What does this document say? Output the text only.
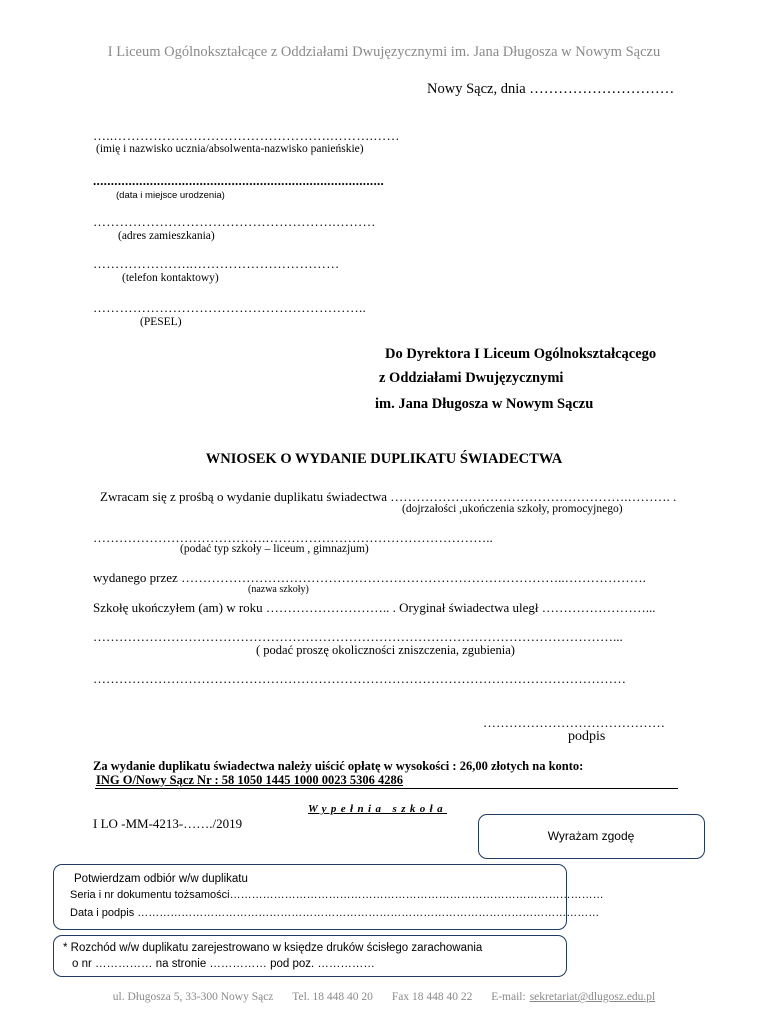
I Liceum Ogólnokształcące z Oddziałami Dwujęzycznymi im. Jana Długosza w Nowym Sączu
Nowy Sącz, dnia …………………………
…..………………………………………….……….……
(imię i nazwisko ucznia/absolwenta-nazwisko panieńskie)
..................................................................................
(data i miejsce urodzenia)
……………………………………………….………
(adres zamieszkania)
…………………..……………………………
(telefon kontaktowy)
……………………………………………………..
(PESEL)
Do Dyrektora I Liceum Ogólnokształcącego
z Oddziałami Dwujęzycznymi
im. Jana Długosza w Nowym Sączu
WNIOSEK O WYDANIE DUPLIKATU ŚWIADECTWA
Zwracam się z prośbą o wydanie duplikatu świadectwa ……………………………………………….………. .
(dojrzałości ,ukończenia szkoły, promocyjnego)
………………………………….……………………………………………..
(podać typ szkoły – liceum , gimnazjum)
wydanego przez ……………………………………………………………………………..……………….
(nazwa szkoły)
Szkołę ukończyłem (am) w roku ……………………….. . Oryginał świadectwa uległ ……………………...
…………………………………………………………………………………………………………...
( podać proszę okoliczności zniszczenia, zgubienia)
……………………………………………………………………………………………………………
……………………………………
podpis
Za wydanie duplikatu świadectwa należy uiścić opłatę w wysokości : 26,00 złotych na konto:
ING O/Nowy Sącz Nr : 58 1050 1445 1000 0023 5306 4286
Wypełnia szkoła
I LO -MM-4213-……./2019
Wyrażam zgodę
Potwierdzam odbiór w/w duplikatu
Seria i nr dokumentu tożsamości…………………………………………………………………………………………
Data i podpis ………………………………………………………………………………………………………………
* Rozchód w/w duplikatu zarejestrowano w księdze druków ścisłego zarachowania
o nr …………… na stronie …………… pod poz. ……………
ul. Długosza 5, 33-300 Nowy Sącz Tel. 18 448 40 20 Fax 18 448 40 22 E-mail: sekretariat@dlugosz.edu.pl
